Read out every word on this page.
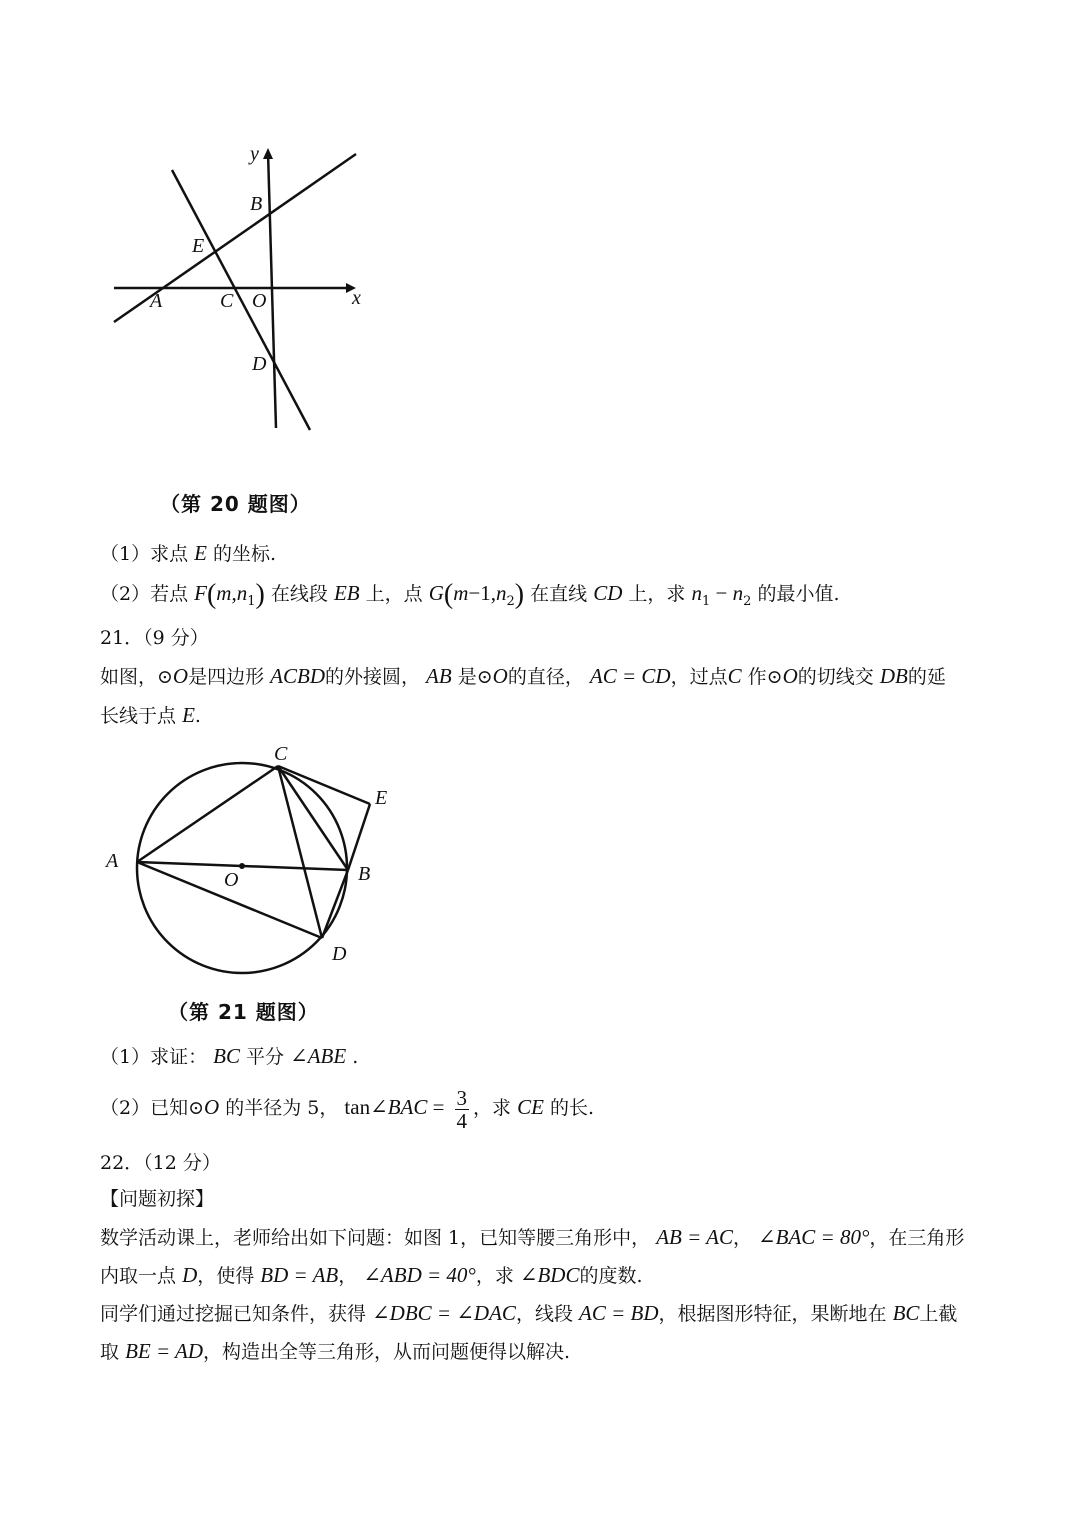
y
x
B
E
A	C O
D
（第 20 题图）
（1）求点 E 的坐标.
（2）若点 $F(m,n_1)$ 在线段 EB 上，点 $G(m-1,n_2)$ 在直线 CD 上，求 $n_1 - n_2$ 的最小值.
21．（9 分）
如图，⊙O是四边形 ACBD的外接圆， AB 是⊙O的直径， AC = CD，过点C 作⊙O的切线交 DB的延
长线于点 E.
C
E
A
O	B
D
（第 21 题图）
（1）求证： BC 平分 ∠ABE .
（2）已知⊙O 的半径为 5， tan∠BAC = $\frac{3}{4}$ ，求 CE 的长.
22．（12 分）
【问题初探】
数学活动课上，老师给出如下问题：如图 1，已知等腰三角形中， AB = AC， ∠BAC = 80°，在三角形
内取一点 D，使得 BD = AB， ∠ABD = 40°，求 ∠BDC的度数.
同学们通过挖掘已知条件，获得 ∠DBC = ∠DAC，线段 AC = BD，根据图形特征，果断地在 BC上截
取 BE = AD，构造出全等三角形，从而问题便得以解决.
